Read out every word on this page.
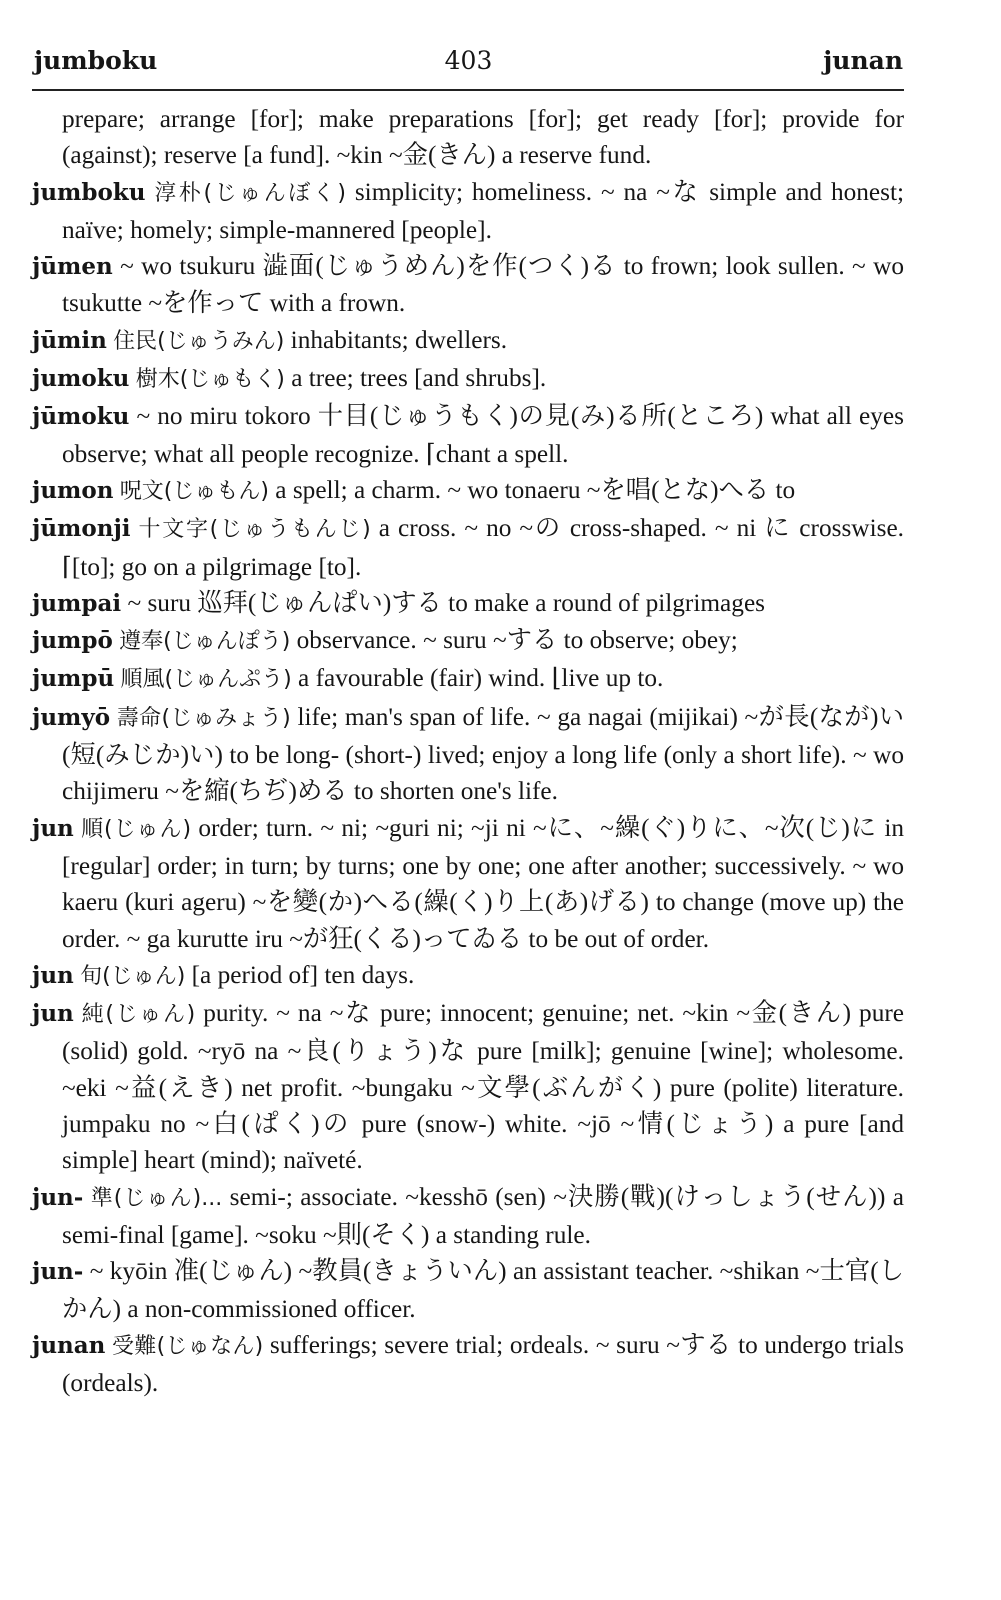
jumboku	403	junan
prepare; arrange [for]; make preparations [for]; get ready [for]; provide for (against); reserve [a fund]. ~kin ~金(きん) a reserve fund.
jumboku 淳朴(じゅんぼく) simplicity; homeliness. ~ na ~な simple and honest; naïve; homely; simple-mannered [people].
jūmen ~ wo tsukuru 澁面(じゅうめん)を作(つく)る to frown; look sullen. ~ wo tsukutte ~を作って with a frown.
jūmin 住民(じゅうみん) inhabitants; dwellers.
jumoku 樹木(じゅもく) a tree; trees [and shrubs].
jūmoku ~ no miru tokoro 十目(じゅうもく)の見(み)る所(ところ) what all eyes observe; what all people recognize. ⌈chant a spell.
jumon 呪文(じゅもん) a spell; a charm. ~ wo tonaeru ~を唱(とな)へる to
jūmonji 十文字(じゅうもんじ) a cross. ~ no ~の cross-shaped. ~ ni に crosswise. ⌈[to]; go on a pilgrimage [to].
jumpai ~ suru 巡拜(じゅんぱい)する to make a round of pilgrimages
jumpō 遵奉(じゅんぽう) observance. ~ suru ~する to observe; obey;
jumpū 順風(じゅんぷう) a favourable (fair) wind. ⌊live up to.
jumyō 壽命(じゅみょう) life; man's span of life. ~ ga nagai (mijikai) ~が長(なが)い(短(みじか)い) to be long- (short-) lived; enjoy a long life (only a short life). ~ wo chijimeru ~を縮(ちぢ)める to shorten one's life.
jun 順(じゅん) order; turn. ~ ni; ~guri ni; ~ji ni ~に、~繰(ぐ)りに、~次(じ)に in [regular] order; in turn; by turns; one by one; one after another; successively. ~ wo kaeru (kuri ageru) ~を變(か)へる(繰(く)り上(あ)げる) to change (move up) the order. ~ ga kurutte iru ~が狂(くる)ってゐる to be out of order.
jun 旬(じゅん) [a period of] ten days.
jun 純(じゅん) purity. ~ na ~な pure; innocent; genuine; net. ~kin ~金(きん) pure (solid) gold. ~ryō na ~良(りょう)な pure [milk]; genuine [wine]; wholesome. ~eki ~益(えき) net profit. ~bungaku ~文學(ぶんがく) pure (polite) literature. jumpaku no ~白(ぱく)の pure (snow-) white. ~jō ~情(じょう) a pure [and simple] heart (mind); naïveté.
jun- 準(じゅん)... semi-; associate. ~kesshō (sen) ~決勝(戰)(けっしょう(せん)) a semi-final [game]. ~soku ~則(そく) a standing rule.
jun- ~ kyōin 准(じゅん) ~教員(きょういん) an assistant teacher. ~shikan ~士官(しかん) a non-commissioned officer.
junan 受難(じゅなん) sufferings; severe trial; ordeals. ~ suru ~する to undergo trials (ordeals).
